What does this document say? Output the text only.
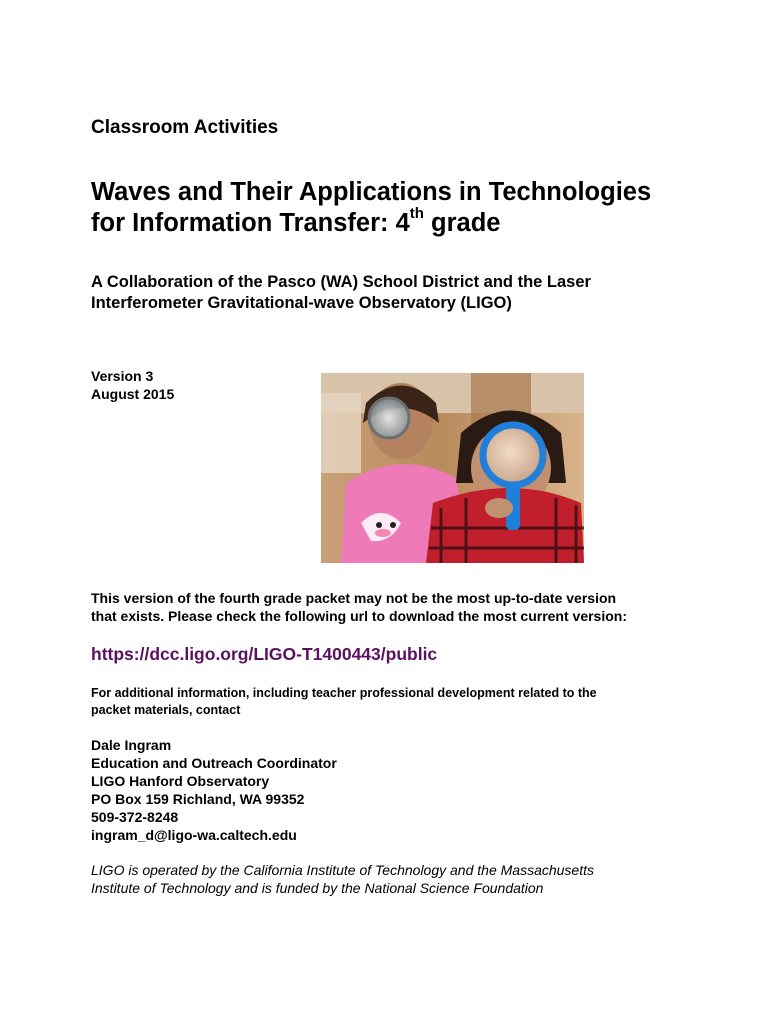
Classroom Activities

Waves and Their Applications in Technologies
for Information Transfer: 4th grade

A Collaboration of the Pasco (WA) School District and the Laser
Interferometer Gravitational-wave Observatory (LIGO)

Version 3
August 2015

This version of the fourth grade packet may not be the most up-to-date version
that exists. Please check the following url to download the most current version:

https://dcc.ligo.org/LIGO-T1400443/public

For additional information, including teacher professional development related to the
packet materials, contact

Dale Ingram
Education and Outreach Coordinator
LIGO Hanford Observatory
PO Box 159 Richland, WA 99352
509-372-8248
ingram_d@ligo-wa.caltech.edu

LIGO is operated by the California Institute of Technology and the Massachusetts
Institute of Technology and is funded by the National Science Foundation
